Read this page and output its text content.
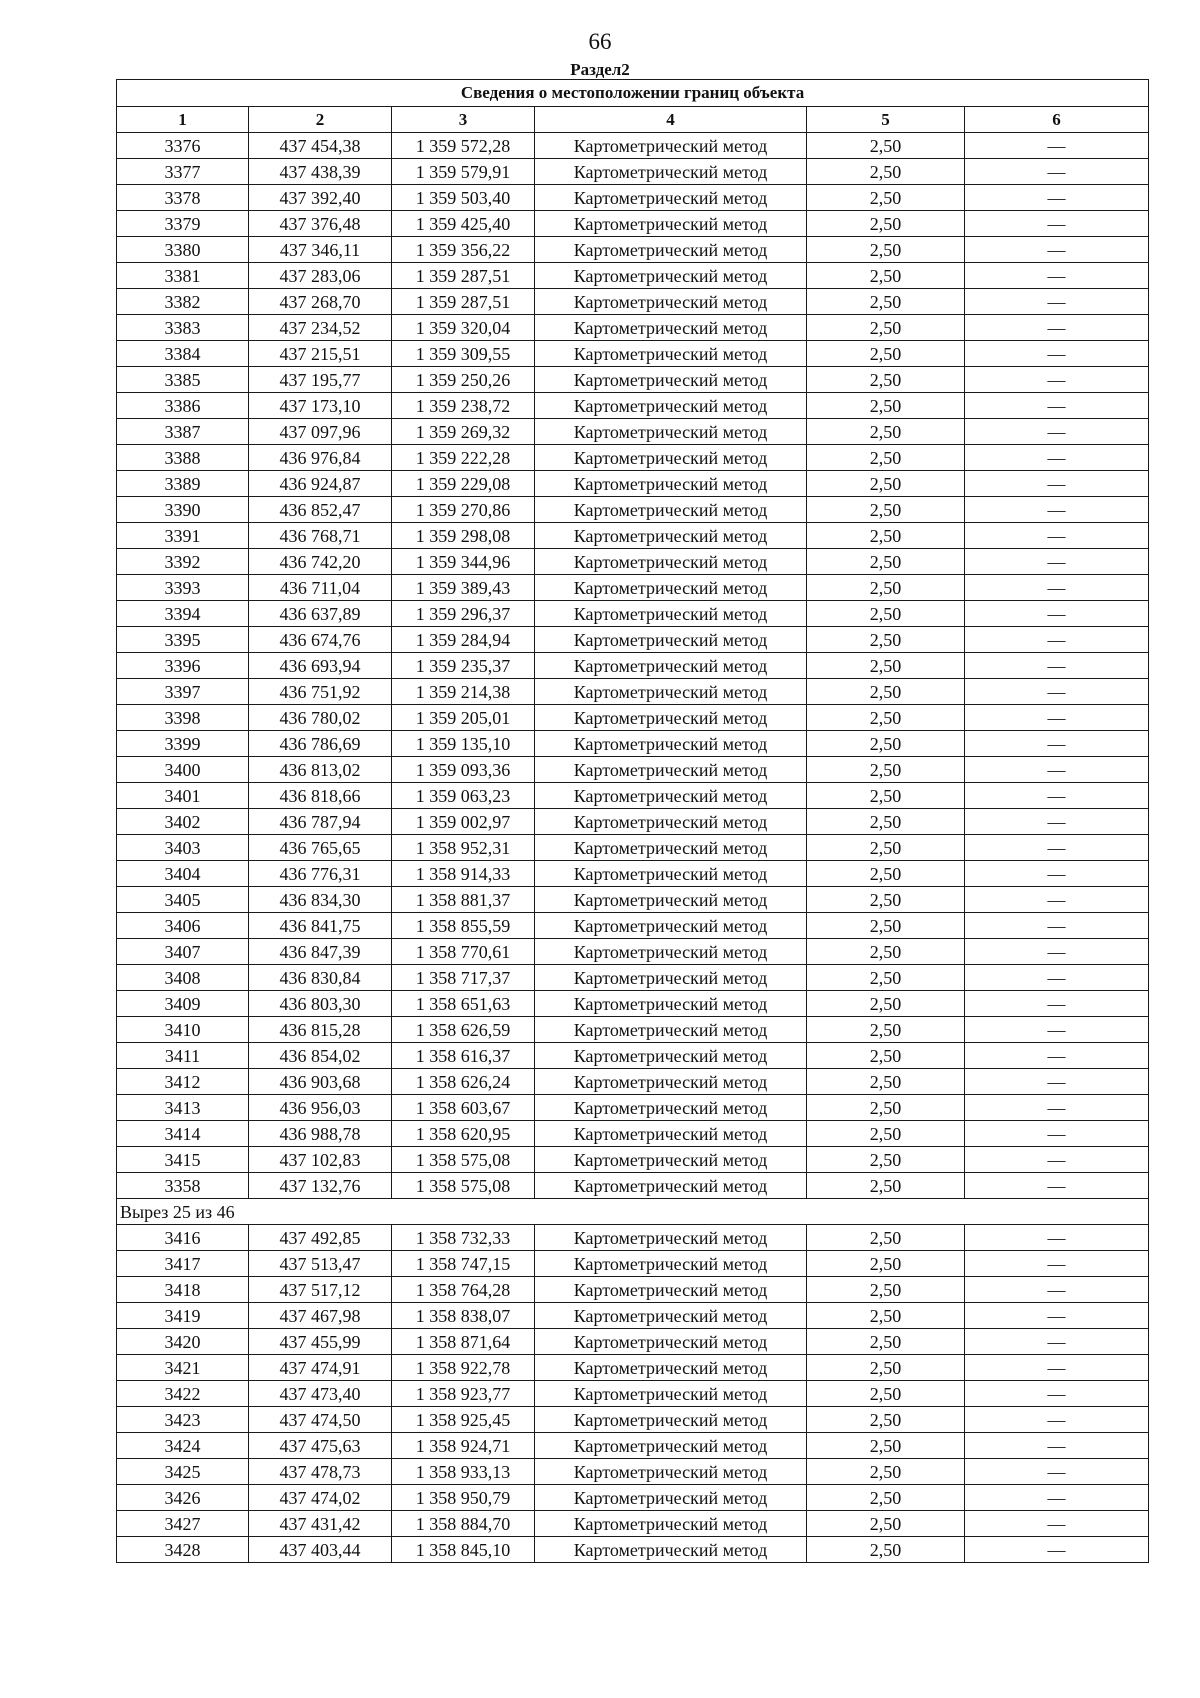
66
Раздел2
Сведения о местоположении границ объекта					
1	2	3	4	5	6
3376	437 454,38	1 359 572,28	Картометрический метод	2,50	—
3377	437 438,39	1 359 579,91	Картометрический метод	2,50	—
3378	437 392,40	1 359 503,40	Картометрический метод	2,50	—
3379	437 376,48	1 359 425,40	Картометрический метод	2,50	—
3380	437 346,11	1 359 356,22	Картометрический метод	2,50	—
3381	437 283,06	1 359 287,51	Картометрический метод	2,50	—
3382	437 268,70	1 359 287,51	Картометрический метод	2,50	—
3383	437 234,52	1 359 320,04	Картометрический метод	2,50	—
3384	437 215,51	1 359 309,55	Картометрический метод	2,50	—
3385	437 195,77	1 359 250,26	Картометрический метод	2,50	—
3386	437 173,10	1 359 238,72	Картометрический метод	2,50	—
3387	437 097,96	1 359 269,32	Картометрический метод	2,50	—
3388	436 976,84	1 359 222,28	Картометрический метод	2,50	—
3389	436 924,87	1 359 229,08	Картометрический метод	2,50	—
3390	436 852,47	1 359 270,86	Картометрический метод	2,50	—
3391	436 768,71	1 359 298,08	Картометрический метод	2,50	—
3392	436 742,20	1 359 344,96	Картометрический метод	2,50	—
3393	436 711,04	1 359 389,43	Картометрический метод	2,50	—
3394	436 637,89	1 359 296,37	Картометрический метод	2,50	—
3395	436 674,76	1 359 284,94	Картометрический метод	2,50	—
3396	436 693,94	1 359 235,37	Картометрический метод	2,50	—
3397	436 751,92	1 359 214,38	Картометрический метод	2,50	—
3398	436 780,02	1 359 205,01	Картометрический метод	2,50	—
3399	436 786,69	1 359 135,10	Картометрический метод	2,50	—
3400	436 813,02	1 359 093,36	Картометрический метод	2,50	—
3401	436 818,66	1 359 063,23	Картометрический метод	2,50	—
3402	436 787,94	1 359 002,97	Картометрический метод	2,50	—
3403	436 765,65	1 358 952,31	Картометрический метод	2,50	—
3404	436 776,31	1 358 914,33	Картометрический метод	2,50	—
3405	436 834,30	1 358 881,37	Картометрический метод	2,50	—
3406	436 841,75	1 358 855,59	Картометрический метод	2,50	—
3407	436 847,39	1 358 770,61	Картометрический метод	2,50	—
3408	436 830,84	1 358 717,37	Картометрический метод	2,50	—
3409	436 803,30	1 358 651,63	Картометрический метод	2,50	—
3410	436 815,28	1 358 626,59	Картометрический метод	2,50	—
3411	436 854,02	1 358 616,37	Картометрический метод	2,50	—
3412	436 903,68	1 358 626,24	Картометрический метод	2,50	—
3413	436 956,03	1 358 603,67	Картометрический метод	2,50	—
3414	436 988,78	1 358 620,95	Картометрический метод	2,50	—
3415	437 102,83	1 358 575,08	Картометрический метод	2,50	—
3358	437 132,76	1 358 575,08	Картометрический метод	2,50	—
Вырез 25 из 46					
3416	437 492,85	1 358 732,33	Картометрический метод	2,50	—
3417	437 513,47	1 358 747,15	Картометрический метод	2,50	—
3418	437 517,12	1 358 764,28	Картометрический метод	2,50	—
3419	437 467,98	1 358 838,07	Картометрический метод	2,50	—
3420	437 455,99	1 358 871,64	Картометрический метод	2,50	—
3421	437 474,91	1 358 922,78	Картометрический метод	2,50	—
3422	437 473,40	1 358 923,77	Картометрический метод	2,50	—
3423	437 474,50	1 358 925,45	Картометрический метод	2,50	—
3424	437 475,63	1 358 924,71	Картометрический метод	2,50	—
3425	437 478,73	1 358 933,13	Картометрический метод	2,50	—
3426	437 474,02	1 358 950,79	Картометрический метод	2,50	—
3427	437 431,42	1 358 884,70	Картометрический метод	2,50	—
3428	437 403,44	1 358 845,10	Картометрический метод	2,50	—
